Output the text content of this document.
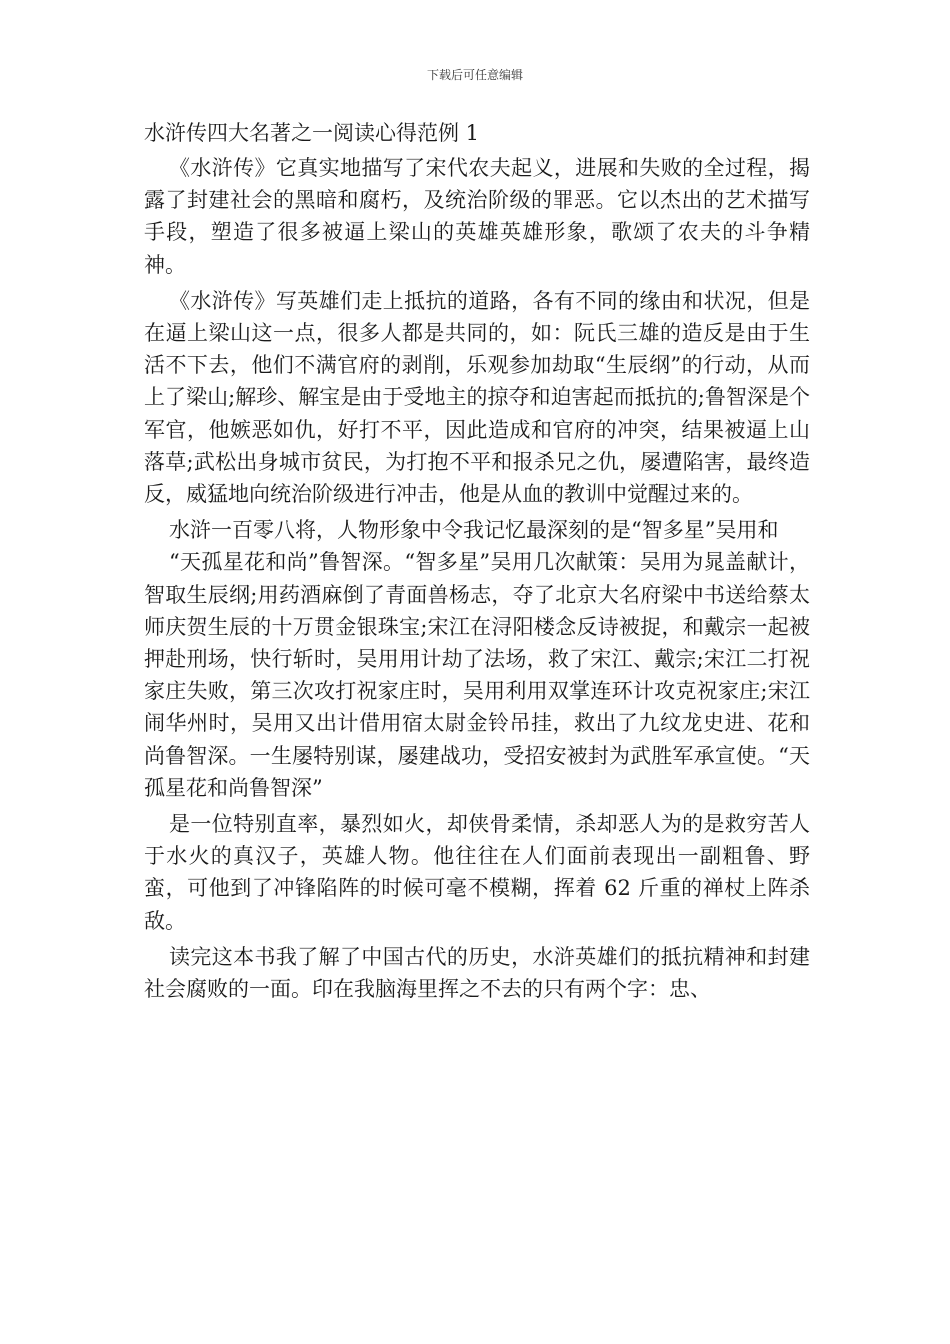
下载后可任意编辑
水浒传四大名著之一阅读心得范例 1

《水浒传》它真实地描写了宋代农夫起义，进展和失败的全过程，揭露了封建社会的黑暗和腐朽，及统治阶级的罪恶。它以杰出的艺术描写手段，塑造了很多被逼上梁山的英雄英雄形象，歌颂了农夫的斗争精神。

《水浒传》写英雄们走上抵抗的道路，各有不同的缘由和状况，但是在逼上梁山这一点，很多人都是共同的，如：阮氏三雄的造反是由于生活不下去，他们不满官府的剥削，乐观参加劫取“生辰纲”的行动，从而上了梁山;解珍、解宝是由于受地主的掠夺和迫害起而抵抗的;鲁智深是个军官，他嫉恶如仇，好打不平，因此造成和官府的冲突，结果被逼上山落草;武松出身城市贫民，为打抱不平和报杀兄之仇，屡遭陷害，最终造反，威猛地向统治阶级进行冲击，他是从血的教训中觉醒过来的。

水浒一百零八将，人物形象中令我记忆最深刻的是“智多星”吴用和

“天孤星花和尚”鲁智深。“智多星”吴用几次献策：吴用为晁盖献计，智取生辰纲;用药酒麻倒了青面兽杨志，夺了北京大名府梁中书送给蔡太师庆贺生辰的十万贯金银珠宝;宋江在浔阳楼念反诗被捉，和戴宗一起被押赴刑场，快行斩时，吴用用计劫了法场，救了宋江、戴宗;宋江二打祝家庄失败，第三次攻打祝家庄时，吴用利用双掌连环计攻克祝家庄;宋江闹华州时，吴用又出计借用宿太尉金铃吊挂，救出了九纹龙史进、花和尚鲁智深。一生屡特别谋，屡建战功，受招安被封为武胜军承宣使。“天孤星花和尚鲁智深”

是一位特别直率，暴烈如火，却侠骨柔情，杀却恶人为的是救穷苦人于水火的真汉子，英雄人物。他往往在人们面前表现出一副粗鲁、野蛮，可他到了冲锋陷阵的时候可毫不模糊，挥着 62 斤重的禅杖上阵杀敌。

读完这本书我了解了中国古代的历史，水浒英雄们的抵抗精神和封建社会腐败的一面。印在我脑海里挥之不去的只有两个字：忠、
